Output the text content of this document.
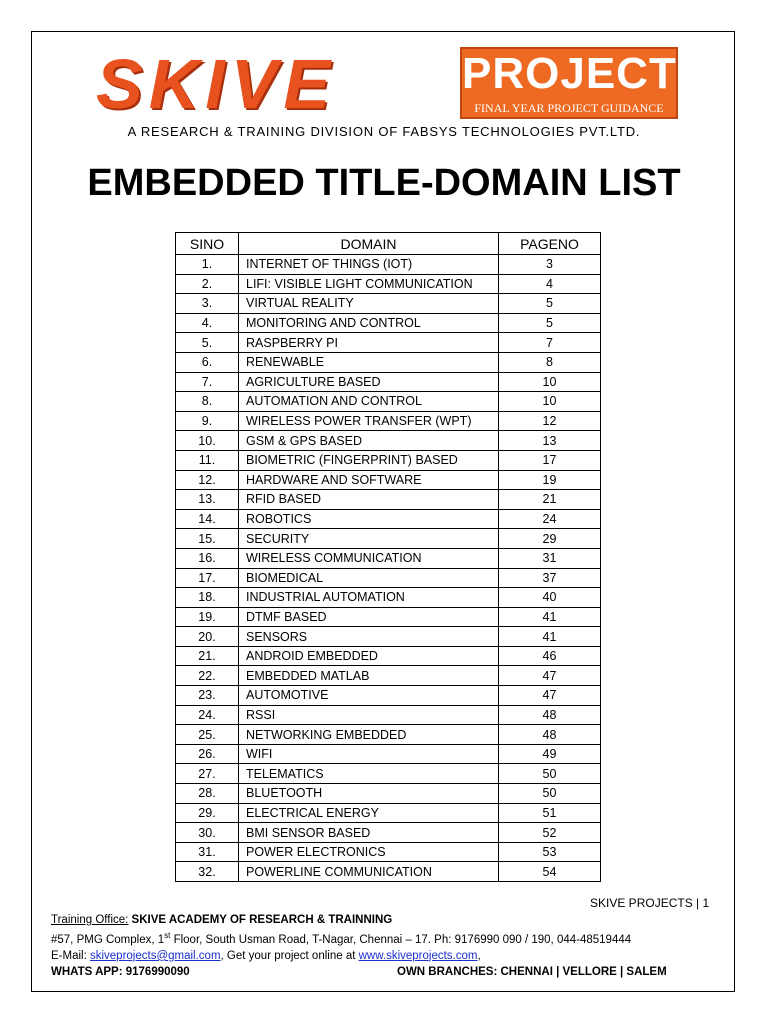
SKIVE	PROJECTS
FINAL YEAR PROJECT GUIDANCE
A RESEARCH & TRAINING DIVISION OF FABSYS TECHNOLOGIES PVT.LTD.
EMBEDDED TITLE-DOMAIN LIST
SINO	DOMAIN	PAGENO
1.	INTERNET OF THINGS (IOT)	3
2.	LIFI: VISIBLE LIGHT COMMUNICATION	4
3.	VIRTUAL REALITY	5
4.	MONITORING AND CONTROL	5
5.	RASPBERRY PI	7
6.	RENEWABLE	8
7.	AGRICULTURE BASED	10
8.	AUTOMATION AND CONTROL	10
9.	WIRELESS POWER TRANSFER (WPT)	12
10.	GSM & GPS BASED	13
11.	BIOMETRIC (FINGERPRINT) BASED	17
12.	HARDWARE AND SOFTWARE	19
13.	RFID BASED	21
14.	ROBOTICS	24
15.	SECURITY	29
16.	WIRELESS COMMUNICATION	31
17.	BIOMEDICAL	37
18.	INDUSTRIAL AUTOMATION	40
19.	DTMF BASED	41
20.	SENSORS	41
21.	ANDROID EMBEDDED	46
22.	EMBEDDED MATLAB	47
23.	AUTOMOTIVE	47
24.	RSSI	48
25.	NETWORKING EMBEDDED	48
26.	WIFI	49
27.	TELEMATICS	50
28.	BLUETOOTH	50
29.	ELECTRICAL ENERGY	51
30.	BMI SENSOR BASED	52
31.	POWER ELECTRONICS	53
32.	POWERLINE COMMUNICATION	54
SKIVE PROJECTS | 1
Training Office: SKIVE ACADEMY OF RESEARCH & TRAINNING
#57, PMG Complex, 1st Floor, South Usman Road, T-Nagar, Chennai – 17. Ph: 9176990 090 / 190, 044-48519444
E-Mail: skiveprojects@gmail.com, Get your project online at www.skiveprojects.com,
WHATS APP: 9176990090	OWN BRANCHES: CHENNAI | VELLORE | SALEM
